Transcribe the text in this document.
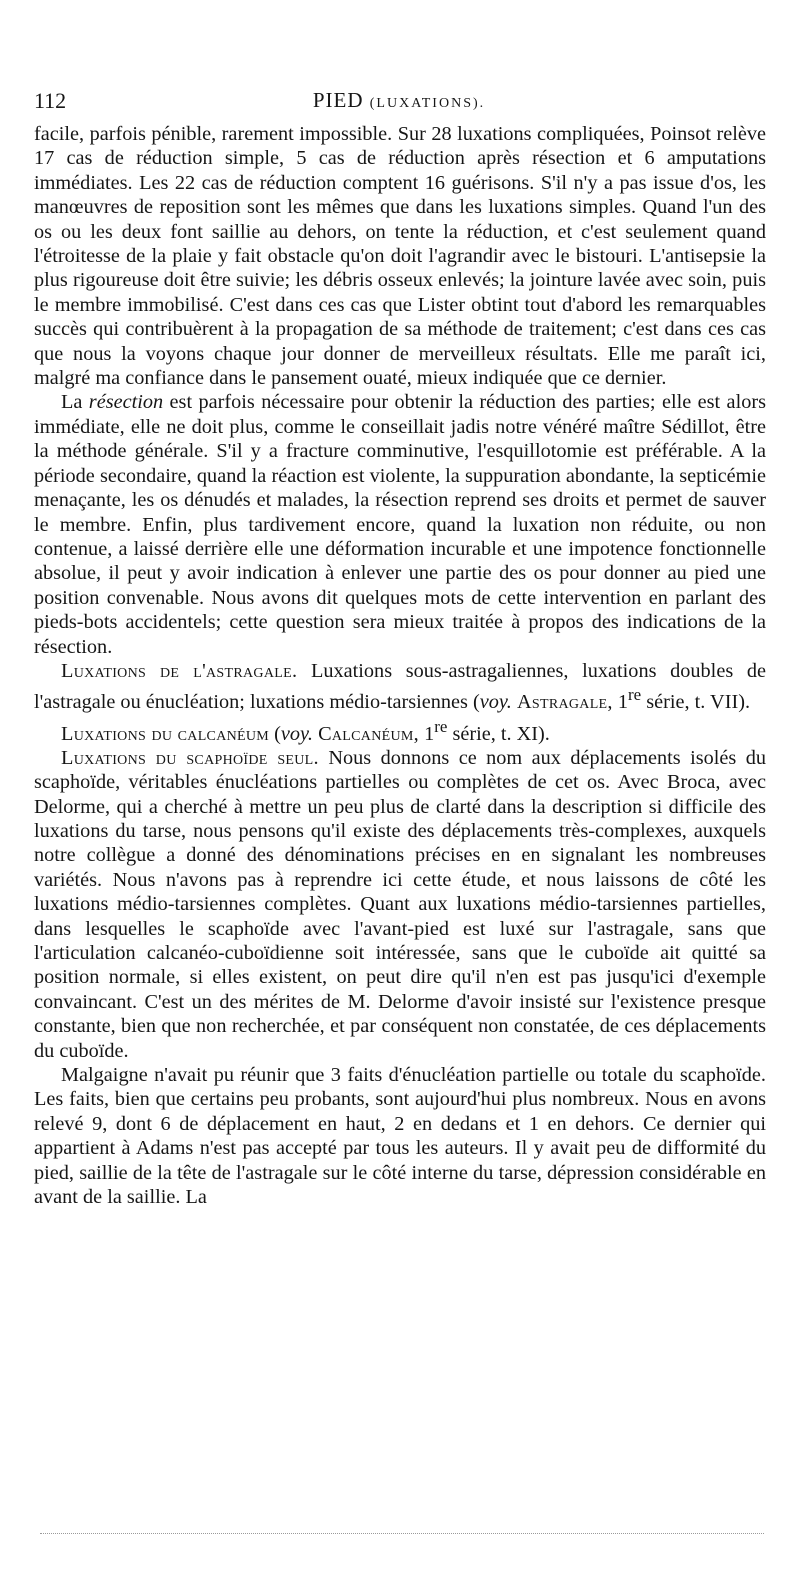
112	PIED (LUXATIONS).

facile, parfois pénible, rarement impossible. Sur 28 luxations compliquées, Poinsot relève 17 cas de réduction simple, 5 cas de réduction après résection et 6 amputations immédiates. Les 22 cas de réduction comptent 16 guérisons. S'il n'y a pas issue d'os, les manœuvres de reposition sont les mêmes que dans les luxations simples. Quand l'un des os ou les deux font saillie au dehors, on tente la réduction, et c'est seulement quand l'étroitesse de la plaie y fait obstacle qu'on doit l'agrandir avec le bistouri. L'antisepsie la plus rigoureuse doit être suivie; les débris osseux enlevés; la jointure lavée avec soin, puis le membre immobilisé. C'est dans ces cas que Lister obtint tout d'abord les remarquables succès qui contribuèrent à la propagation de sa méthode de traitement; c'est dans ces cas que nous la voyons chaque jour donner de merveilleux résultats. Elle me paraît ici, malgré ma confiance dans le pansement ouaté, mieux indiquée que ce dernier.

La résection est parfois nécessaire pour obtenir la réduction des parties; elle est alors immédiate, elle ne doit plus, comme le conseillait jadis notre vénéré maître Sédillot, être la méthode générale. S'il y a fracture comminutive, l'esquillotomie est préférable. A la période secondaire, quand la réaction est violente, la suppuration abondante, la septicémie menaçante, les os dénudés et malades, la résection reprend ses droits et permet de sauver le membre. Enfin, plus tardivement encore, quand la luxation non réduite, ou non contenue, a laissé derrière elle une déformation incurable et une impotence fonctionnelle absolue, il peut y avoir indication à enlever une partie des os pour donner au pied une position convenable. Nous avons dit quelques mots de cette intervention en parlant des pieds-bots accidentels; cette question sera mieux traitée à propos des indications de la résection.

Luxations de l'astragale. Luxations sous-astragaliennes, luxations doubles de l'astragale ou énucléation; luxations médio-tarsiennes (voy. Astragale, 1re série, t. VII).

Luxations du calcanéum (voy. Calcanéum, 1re série, t. XI).

Luxations du scaphoïde seul. Nous donnons ce nom aux déplacements isolés du scaphoïde, véritables énucléations partielles ou complètes de cet os. Avec Broca, avec Delorme, qui a cherché à mettre un peu plus de clarté dans la description si difficile des luxations du tarse, nous pensons qu'il existe des déplacements très-complexes, auxquels notre collègue a donné des dénominations précises en en signalant les nombreuses variétés. Nous n'avons pas à reprendre ici cette étude, et nous laissons de côté les luxations médio-tarsiennes complètes. Quant aux luxations médio-tarsiennes partielles, dans lesquelles le scaphoïde avec l'avant-pied est luxé sur l'astragale, sans que l'articulation calcanéo-cuboïdienne soit intéressée, sans que le cuboïde ait quitté sa position normale, si elles existent, on peut dire qu'il n'en est pas jusqu'ici d'exemple convaincant. C'est un des mérites de M. Delorme d'avoir insisté sur l'existence presque constante, bien que non recherchée, et par conséquent non constatée, de ces déplacements du cuboïde.

Malgaigne n'avait pu réunir que 3 faits d'énucléation partielle ou totale du scaphoïde. Les faits, bien que certains peu probants, sont aujourd'hui plus nombreux. Nous en avons relevé 9, dont 6 de déplacement en haut, 2 en dedans et 1 en dehors. Ce dernier qui appartient à Adams n'est pas accepté par tous les auteurs. Il y avait peu de difformité du pied, saillie de la tête de l'astragale sur le côté interne du tarse, dépression considérable en avant de la saillie. La
